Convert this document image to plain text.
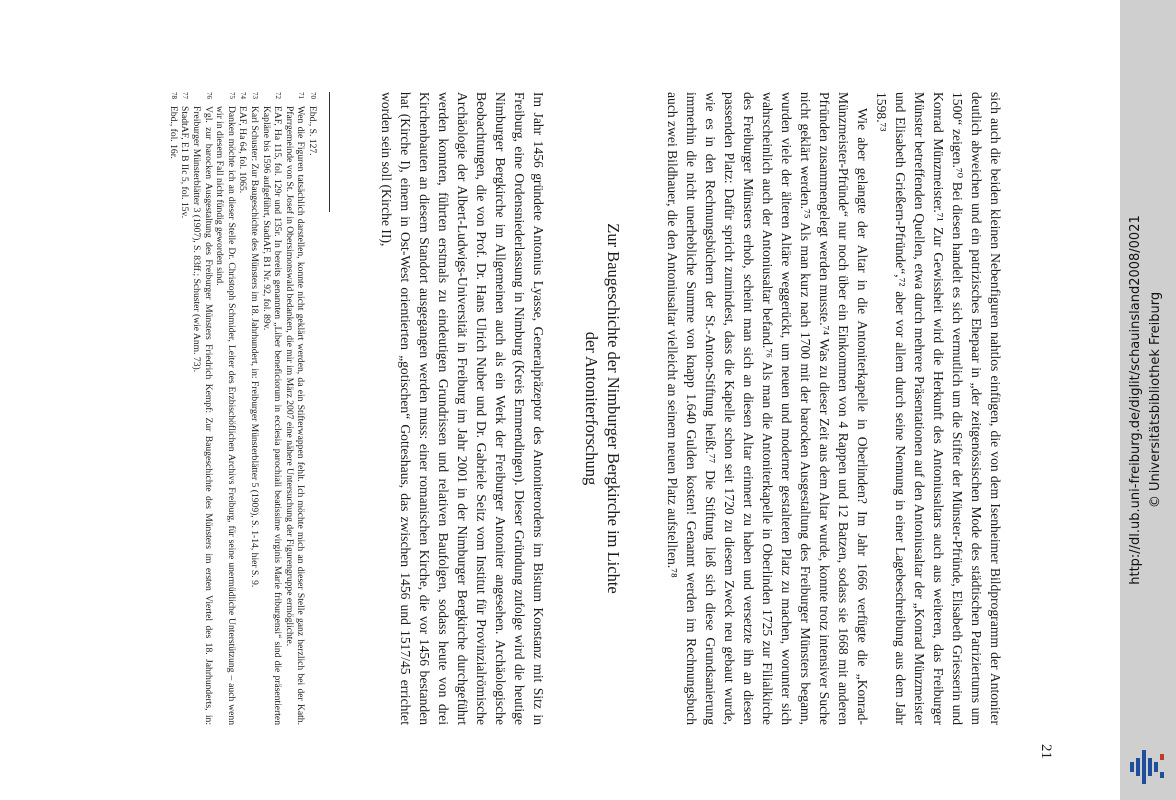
21

sich auch die beiden kleinen Nebenfiguren nahtlos einfügen, die von dem Isenheimer Bildprogramm der Antoniter deutlich abweichen und ein patrizisches Ehepaar in „der zeitgenössischen Mode des städtischen Patriziertums um 1500“ zeigen.⁷⁰ Bei diesen handelt es sich vermutlich um die Stifter der Münster-Pfründe, Elisabeth Griesserin und Konrad Münzmeister.⁷¹ Zur Gewissheit wird die Herkunft des Antoniusaltars auch aus weiteren, das Freiburger Münster betreffenden Quellen, etwa durch mehrere Präsentationen auf den Antoniusaltar der „Konrad Münzmeister und Elisabeth Grießern-Pfründe“,⁷² aber vor allem durch seine Nennung in einer Lagebeschreibung aus dem Jahr 1598.⁷³

Wie aber gelangte der Altar in die Antoniterkapelle in Oberlinden? Im Jahr 1666 verfügte die „Konrad-Münzmeister-Pfründe“ nur noch über ein Einkommen von 4 Rappen und 12 Batzen, sodass sie 1668 mit anderen Pfründen zusammengelegt werden musste.⁷⁴ Was zu dieser Zeit aus dem Altar wurde, konnte trotz intensiver Suche nicht geklärt werden.⁷⁵ Als man kurz nach 1700 mit der barocken Ausgestaltung des Freiburger Münsters begann, wurden viele der älteren Altäre weggerückt, um neuen und moderner gestalteten Platz zu machen, worunter sich wahrscheinlich auch der Antoniusaltar befand.⁷⁶ Als man die Antoniterkapelle in Oberlinden 1725 zur Filialkirche des Freiburger Münsters erhob, scheint man sich an diesen Altar erinnert zu haben und versetzte ihn an diesen passenden Platz: Dafür spricht zumindest, dass die Kapelle schon seit 1720 zu diesem Zweck neu gebaut wurde, wie es in den Rechnungsbüchern der St.-Anton-Stiftung heißt.⁷⁷ Die Stiftung ließ sich diese Grundsanierung immerhin die nicht unerhebliche Summe von knapp 1.640 Gulden kosten! Genannt werden im Rechnungsbuch auch zwei Bildhauer, die den Antoniusaltar vielleicht an seinem neuen Platz aufstellten.⁷⁸

Zur Baugeschichte der Nimburger Bergkirche im Lichte
der Antoniterforschung
Im Jahr 1456 gründete Antonius Lyasse, Generalpräzeptor des Antoniterordens im Bistum Konstanz mit Sitz in Freiburg, eine Ordensniederlassung in Nimburg (Kreis Emmendingen). Dieser Gründung zufolge wird die heutige Nimburger Bergkirche im Allgemeinen auch als ein Werk der Freiburger Antoniter angesehen. Archäologische Beobachtungen, die von Prof. Dr. Hans Ulrich Nuber und Dr. Gabriele Seitz vom Institut für Provinzialrömische Archäologie der Albert-Ludwigs-Universität in Freiburg im Jahr 2001 in der Nimburger Bergkirche durchgeführt werden konnten, führten erstmals zu eindeutigen Grundrissen und relativen Baufolgen, sodass heute von drei Kirchenbauten an diesem Standort ausgegangen werden muss: einer romanischen Kirche, die vor 1456 bestanden hat (Kirche I), einem in Ost-West orientierten „gotischen“ Gotteshaus, das zwischen 1456 und 1517/45 errichtet worden sein soll (Kirche II),
70
Ebd., S. 127.
71
Wen die Figuren tatsächlich darstellen, konnte nicht geklärt werden, da ein Stifterwappen fehlt. Ich möchte mich an dieser Stelle ganz herzlich bei der Kath. Pfarrgemeinde von St. Josef in Obersimonswald bedanken, die mir im März 2007 eine nähere Untersuchung der Figurengruppe ermöglichte.
72
EAF, Ha 115, fol. 129r und 135r. In bereits genannten „Liber beneficiorum in ecclesia parochiali beatissime virginis Marie friburgensi“ sind die präsentierten Kapläne bis 1596 aufgeführt, StadtAF, B1 Nr. 92, fol. 89v.
73
Karl Schuster: Zur Baugeschichte des Münsters im 18. Jahrhundert, in: Freiburger Münsterblätter 5 (1909), S. 1-14, hier S. 9.
74
EAF, Ha 64, fol. 1065.
75
Danken möchte ich an dieser Stelle Dr. Christoph Schmider, Leiter des Erzbischöflichen Archivs Freiburg, für seine unermüdliche Unterstützung – auch wenn wir in diesem Fall nicht fündig geworden sind.
76
Vgl. zur barocken Ausgestaltung des Freiburger Münsters Friedrich Kempf: Zur Baugeschichte des Münsters im ersten Viertel des 18. Jahrhunderts, in: Freiburger Münsterblätter 3 (1907), S. 83ff.; Schuster (wie Anm. 73).
77
StadtAF, E1 B IIc 5, fol. 15v.
78
Ebd., fol. 16r.
http://dl.ub.uni-freiburg.de/diglit/schauinsland2008/0021 © Universitätsbibliothek Freiburg
